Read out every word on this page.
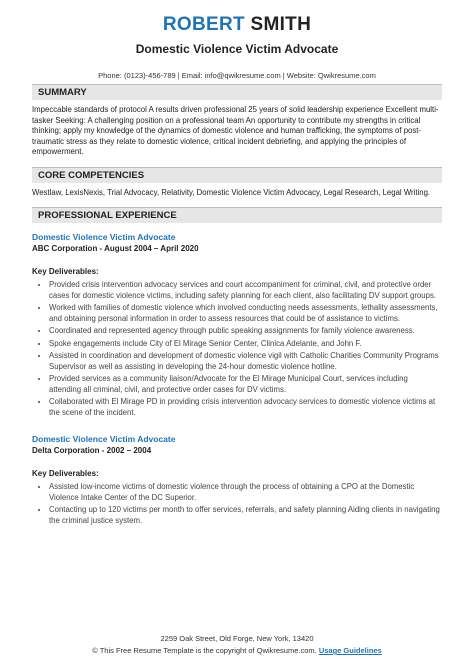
ROBERT SMITH
Domestic Violence Victim Advocate
Phone: (0123)-456-789 | Email: info@qwikresume.com | Website: Qwikresume.com
SUMMARY
Impeccable standards of protocol A results driven professional 25 years of solid leadership experience Excellent multi-tasker Seeking: A challenging position on a professional team An opportunity to contribute my strengths in critical thinking; apply my knowledge of the dynamics of domestic violence and human trafficking, the symptoms of post-traumatic stress as they relate to domestic violence, critical incident debriefing, and applying the principles of empowerment.
CORE COMPETENCIES
Westlaw, LexisNexis, Trial Advocacy, Relativity, Domestic Violence Victim Advocacy, Legal Research, Legal Writing.
PROFESSIONAL EXPERIENCE
Domestic Violence Victim Advocate
ABC Corporation - August 2004 – April 2020
Key Deliverables:
• Provided crisis intervention advocacy services and court accompaniment for criminal, civil, and protective order cases for domestic violence victims, including safety planning for each client, also facilitating DV support groups.
• Worked with families of domestic violence which involved conducting needs assessments, lethality assessments, and obtaining personal information in order to assess resources that could be of assistance to victims.
• Coordinated and represented agency through public speaking assignments for family violence awareness.
• Spoke engagements include City of El Mirage Senior Center, Clinica Adelante, and John F.
• Assisted in coordination and development of domestic violence vigil with Catholic Charities Community Programs Supervisor as well as assisting in developing the 24-hour domestic violence hotline.
• Provided services as a community liaison/Advocate for the El Mirage Municipal Court, services including attending all criminal, civil, and protective order cases for DV victims.
• Collaborated with El Mirage PD in providing crisis intervention advocacy services to domestic violence victims at the scene of the incident.
Domestic Violence Victim Advocate
Delta Corporation - 2002 – 2004
Key Deliverables:
• Assisted low-income victims of domestic violence through the process of obtaining a CPO at the Domestic Violence Intake Center of the DC Superior.
• Contacting up to 120 victims per month to offer services, referrals, and safety planning Aiding clients in navigating the criminal justice system.
2259 Oak Street, Old Forge, New York, 13420
© This Free Resume Template is the copyright of Qwikresume.com. Usage Guidelines
